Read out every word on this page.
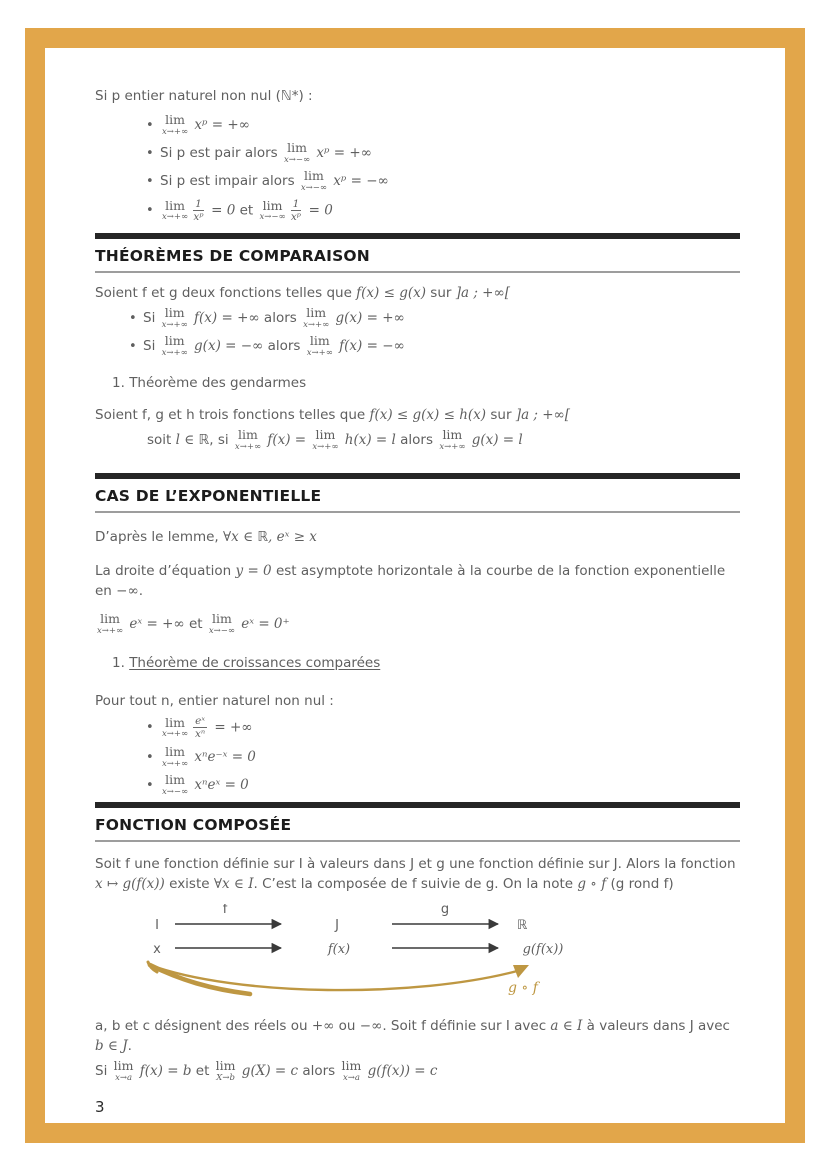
Si p entier naturel non nul (ℕ*) :
• lim
x→+∞ xᵖ = +∞
• Si p est pair alors lim
x→−∞ xᵖ = +∞
• Si p est impair alors lim
x→−∞ xᵖ = −∞
• lim
$x\to+\infty \frac{1}{\text{xᵖ}} = 0$ et lim
$x\to-\infty \frac{1}{\text{xᵖ}} = 0$
THÉORÈMES DE COMPARAISON
Soient f et g deux fonctions telles que f(x) ≤ g(x) sur ]a ; +∞[
• Si lim
x→+∞ f(x) = +∞ alors lim
x→+∞ g(x) = +∞
• Si lim
x→+∞ g(x) = −∞ alors lim
x→+∞ f(x) = −∞
1. Théorème des gendarmes
Soient f, g et h trois fonctions telles que f(x) ≤ g(x) ≤ h(x) sur ]a ; +∞[
soit l ∈ ℝ, si lim
x→+∞ f(x) = lim
x→+∞ h(x) = l alors lim
x→+∞ g(x) = l
CAS DE L’EXPONENTIELLE
D’après le lemme, ∀x ∈ ℝ, eˣ ≥ x
La droite d’équation y = 0 est asymptote horizontale à la courbe de la fonction exponentielle en −∞.
lim
x→+∞ eˣ = +∞ et lim
x→−∞ eˣ = 0⁺
1. Théorème de croissances comparées
Pour tout n, entier naturel non nul :
• lim
$x\to+\infty \frac{\text{eˣ}}{\text{xⁿ}}$ = +∞
• lim
x→+∞ xⁿe⁻ˣ = 0
• lim
x→−∞ xⁿeˣ = 0
FONCTION COMPOSÉE
Soit f une fonction définie sur I à valeurs dans J et g une fonction définie sur J. Alors la fonction x ↦ g(f(x)) existe ∀x ∈ I. C’est la composée de f suivie de g. On la note g ∘ f (g rond f)
I
f
J
g
ℝ
x	f(x)	g(f(x))
g ∘ f
a, b et c désignent des réels ou +∞ ou −∞. Soit f définie sur I avec a ∈ I à valeurs dans J avec b ∈ J.
Si lim
x→a f(x) = b et lim
X→b g(X) = c alors lim
x→a g(f(x)) = c
3
